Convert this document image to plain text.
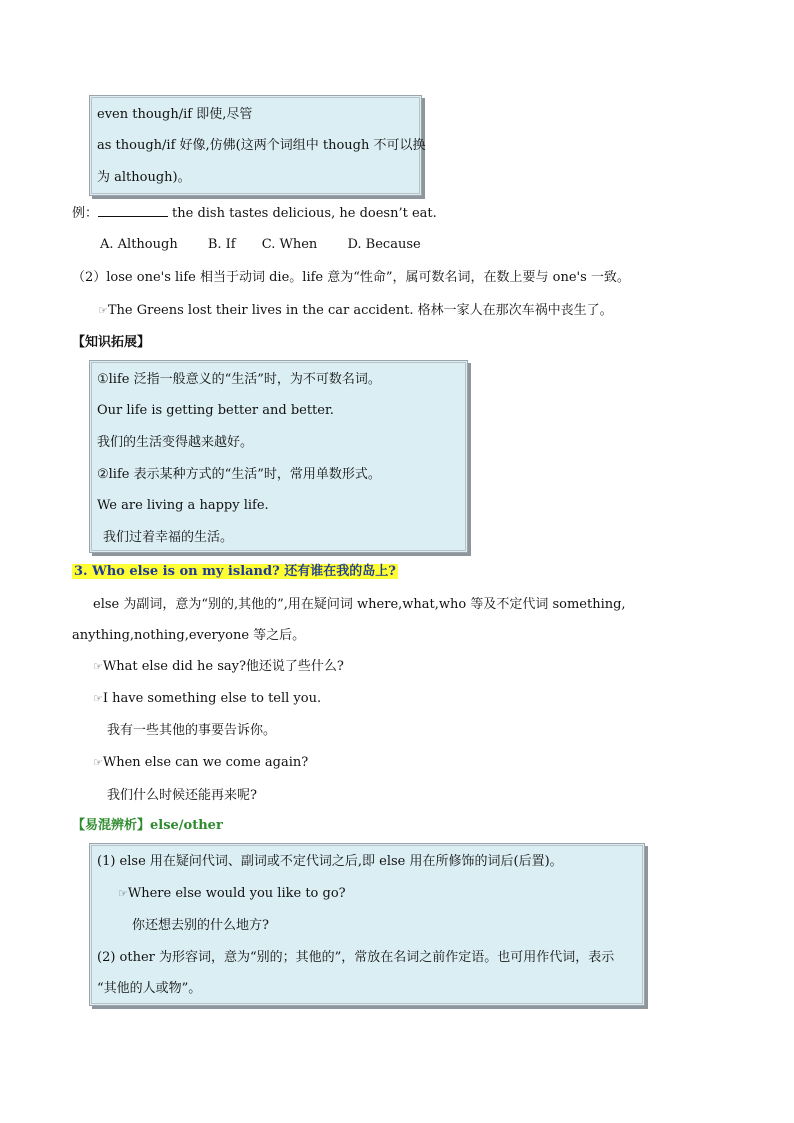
even though/if 即使,尽管
as though/if 好像,仿佛(这两个词组中 though 不可以换
为 although)。
例：	the dish tastes delicious, he doesn’t eat.
A. Although B. If C. When D. Because
（2）lose one's life 相当于动词 die。life 意为“性命”，属可数名词，在数上要与 one's 一致。
☞The Greens lost their lives in the car accident. 格林一家人在那次车祸中丧生了。
【知识拓展】
①life 泛指一般意义的“生活”时，为不可数名词。
Our life is getting better and better.
我们的生活变得越来越好。
②life 表示某种方式的“生活”时，常用单数形式。
We are living a happy life.
我们过着幸福的生活。
3. Who else is on my island? 还有谁在我的岛上?
else 为副词，意为“别的,其他的”,用在疑问词 where,what,who 等及不定代词 something,
anything,nothing,everyone 等之后。
☞What else did he say?他还说了些什么?
☞I have something else to tell you.
我有一些其他的事要告诉你。
☞When else can we come again?
我们什么时候还能再来呢?
【易混辨析】else/other
(1) else 用在疑问代词、副词或不定代词之后,即 else 用在所修饰的词后(后置)。
☞Where else would you like to go?
你还想去别的什么地方?
(2) other 为形容词，意为“别的；其他的”，常放在名词之前作定语。也可用作代词，表示
“其他的人或物”。
